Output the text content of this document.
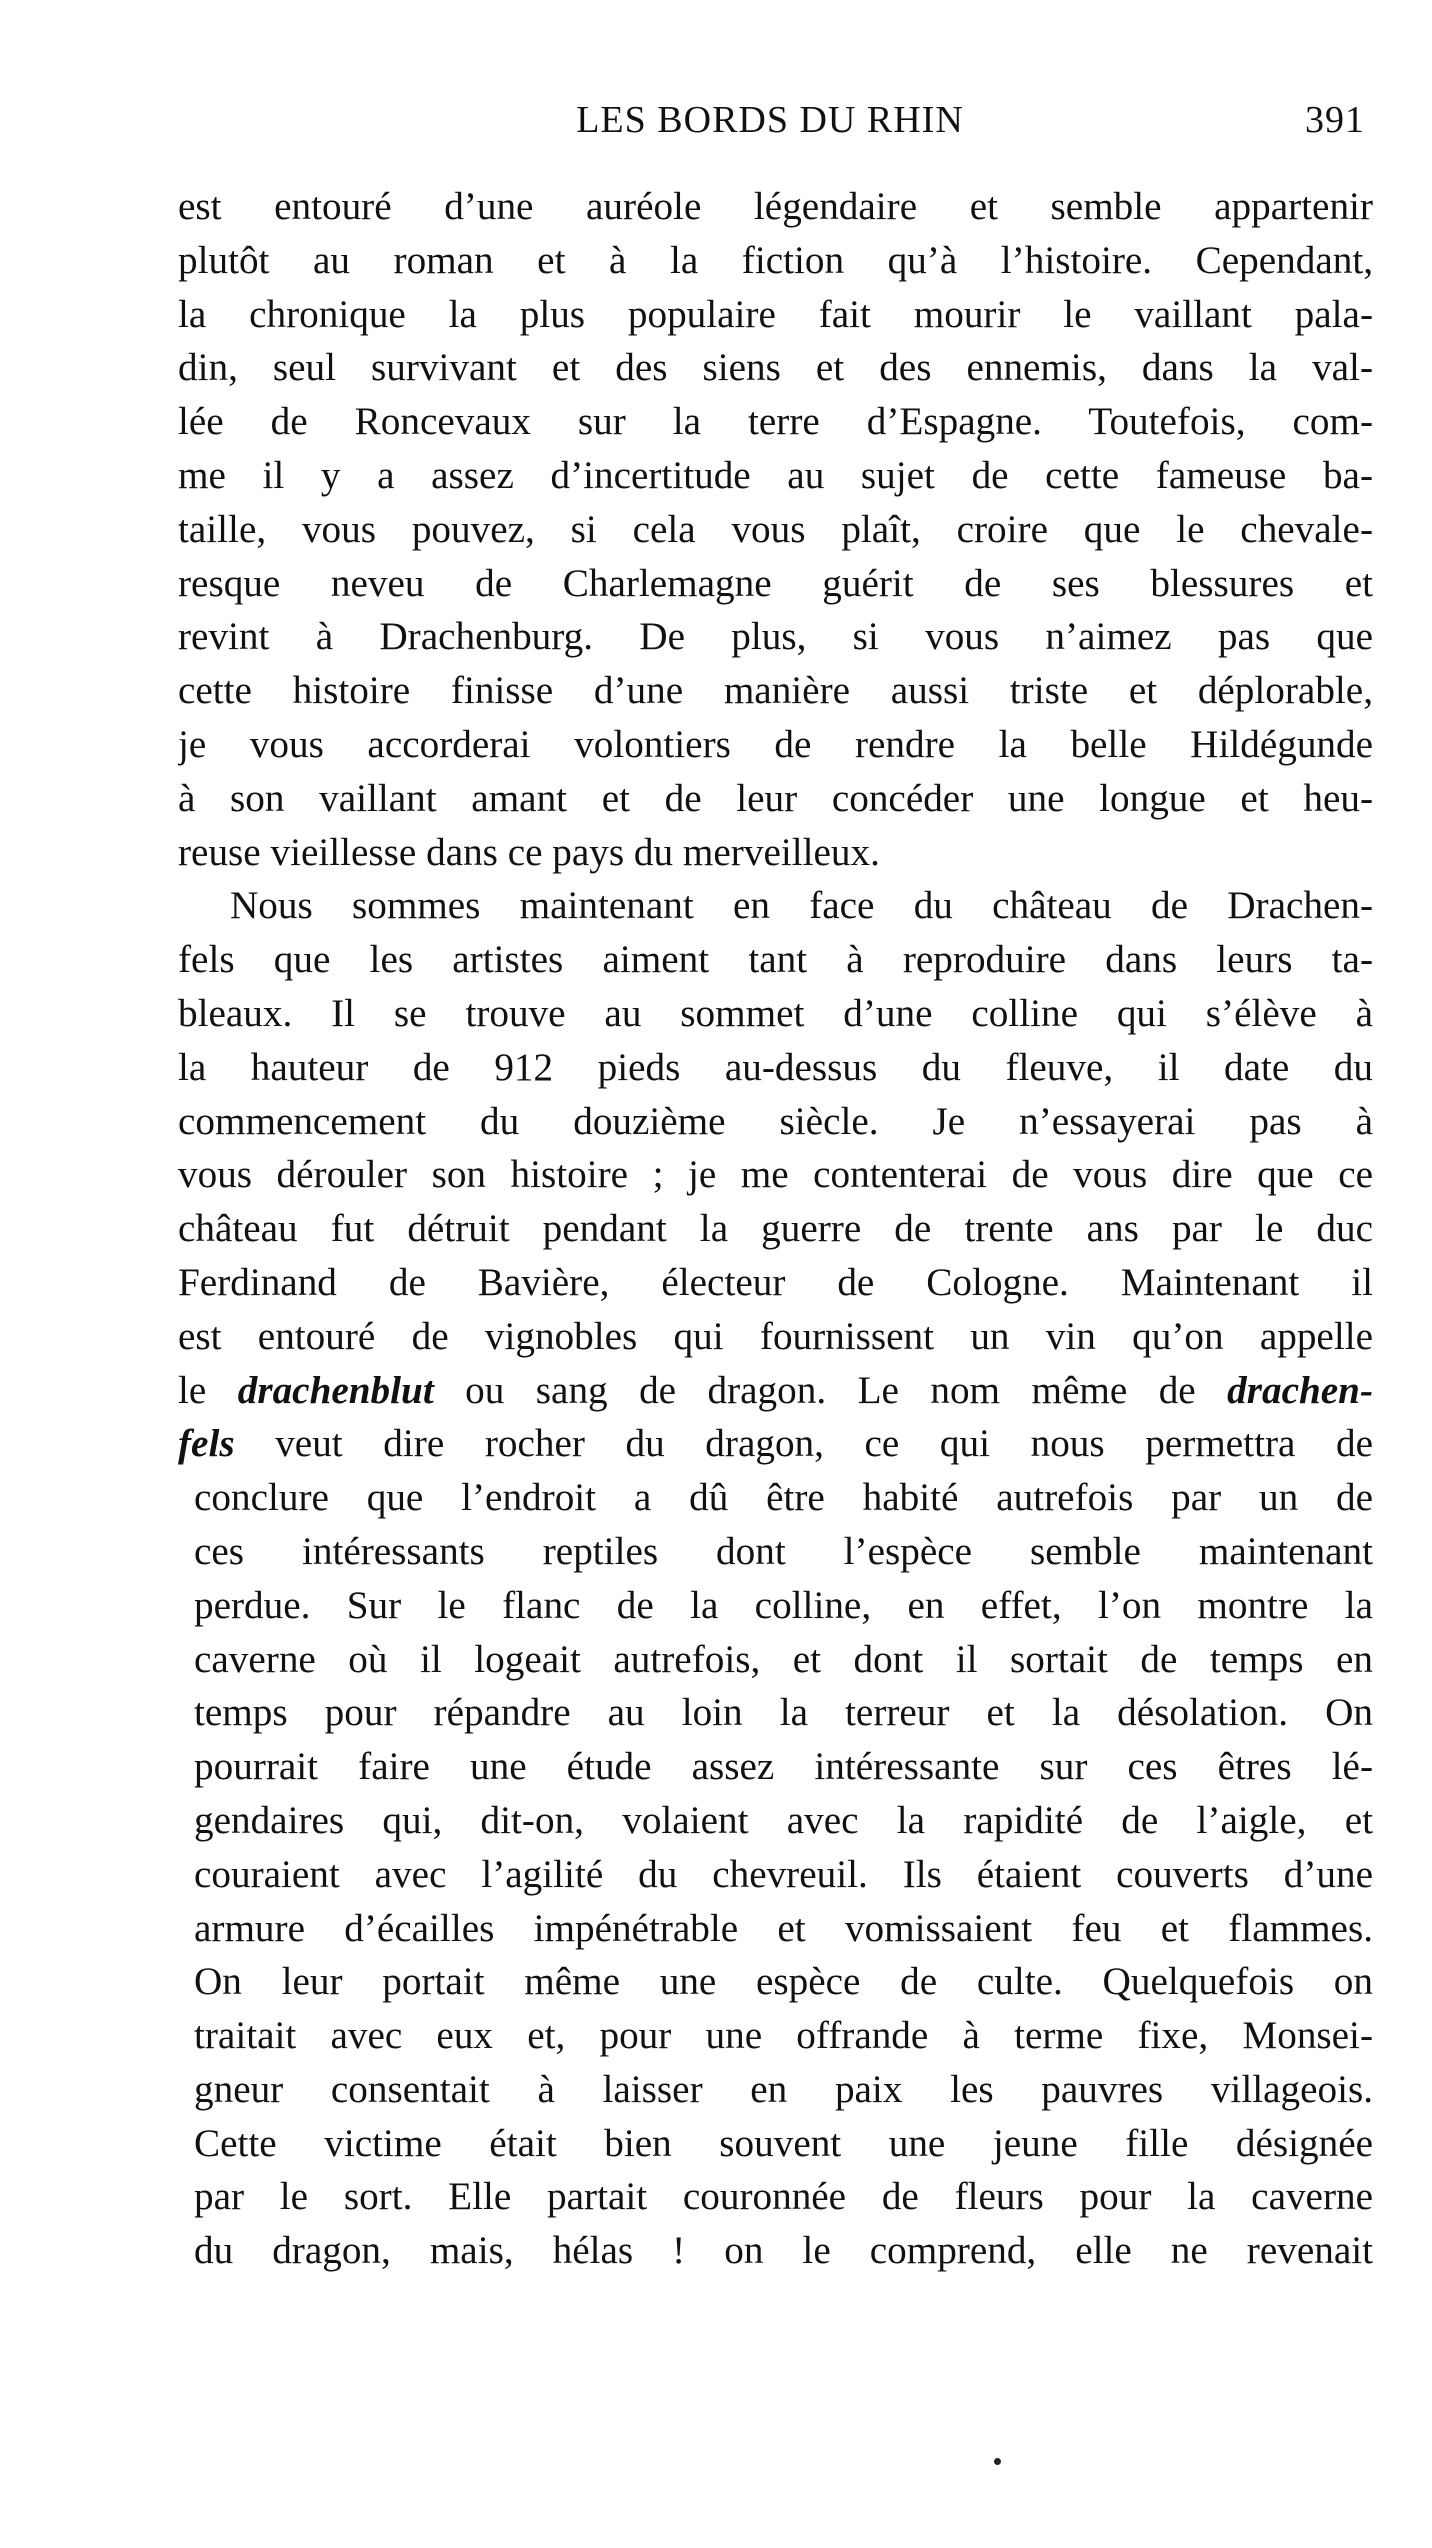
LES BORDS DU RHIN	391
est entouré d’une auréole légendaire et semble appartenir
plutôt au roman et à la fiction qu’à l’histoire. Cependant,
la chronique la plus populaire fait mourir le vaillant pala-
din, seul survivant et des siens et des ennemis, dans la val-
lée de Roncevaux sur la terre d’Espagne. Toutefois, com-
me il y a assez d’incertitude au sujet de cette fameuse ba-
taille, vous pouvez, si cela vous plaît, croire que le chevale-
resque neveu de Charlemagne guérit de ses blessures et
revint à Drachenburg. De plus, si vous n’aimez pas que
cette histoire finisse d’une manière aussi triste et déplorable,
je vous accorderai volontiers de rendre la belle Hildégunde
à son vaillant amant et de leur concéder une longue et heu-
reuse vieillesse dans ce pays du merveilleux.
Nous sommes maintenant en face du château de Drachen-
fels que les artistes aiment tant à reproduire dans leurs ta-
bleaux. Il se trouve au sommet d’une colline qui s’élève à
la hauteur de 912 pieds au-dessus du fleuve, il date du
commencement du douzième siècle. Je n’essayerai pas à
vous dérouler son histoire ; je me contenterai de vous dire que ce
château fut détruit pendant la guerre de trente ans par le duc
Ferdinand de Bavière, électeur de Cologne. Maintenant il
est entouré de vignobles qui fournissent un vin qu’on appelle
le drachenblut ou sang de dragon. Le nom même de drachen-
fels veut dire rocher du dragon, ce qui nous permettra de
conclure que l’endroit a dû être habité autrefois par un de
ces intéressants reptiles dont l’espèce semble maintenant
perdue. Sur le flanc de la colline, en effet, l’on montre la
caverne où il logeait autrefois, et dont il sortait de temps en
temps pour répandre au loin la terreur et la désolation. On
pourrait faire une étude assez intéressante sur ces êtres lé-
gendaires qui, dit-on, volaient avec la rapidité de l’aigle, et
couraient avec l’agilité du chevreuil. Ils étaient couverts d’une
armure d’écailles impénétrable et vomissaient feu et flammes.
On leur portait même une espèce de culte. Quelquefois on
traitait avec eux et, pour une offrande à terme fixe, Monsei-
gneur consentait à laisser en paix les pauvres villageois.
Cette victime était bien souvent une jeune fille désignée
par le sort. Elle partait couronnée de fleurs pour la caverne
du dragon, mais, hélas ! on le comprend, elle ne revenait
